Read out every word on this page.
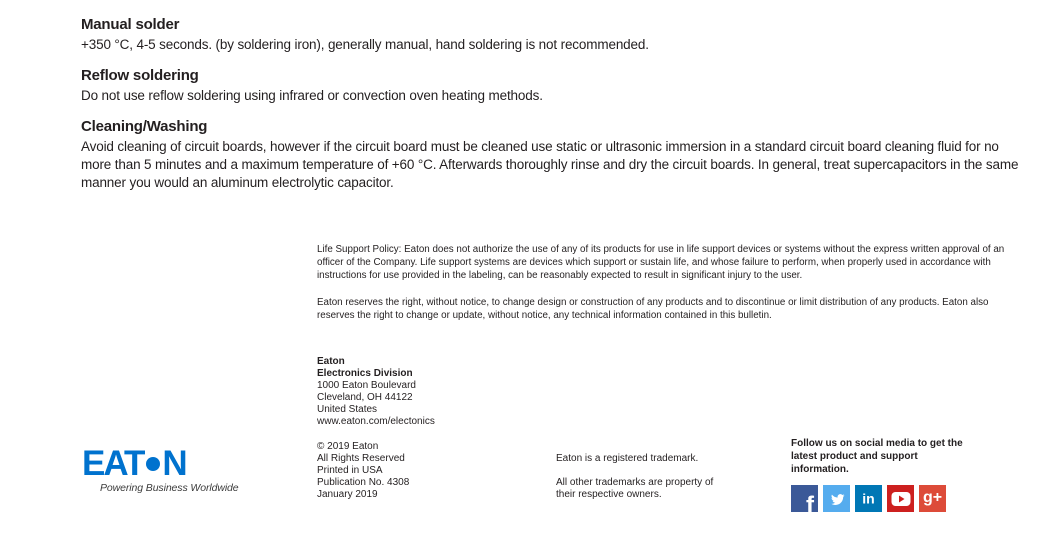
Manual solder

+350 °C, 4-5 seconds. (by soldering iron), generally manual, hand soldering is not recommended.

Reflow soldering

Do not use reflow soldering using infrared or convection oven heating methods.

Cleaning/Washing

Avoid cleaning of circuit boards, however if the circuit board must be cleaned use static or ultrasonic immersion in a standard circuit board cleaning fluid for no more than 5 minutes and a maximum temperature of +60 °C. Afterwards thoroughly rinse and dry the circuit boards. In general, treat supercapacitors in the same manner you would an aluminum electrolytic capacitor.

Life Support Policy: Eaton does not authorize the use of any of its products for use in life support devices or systems without the express written approval of an officer of the Company. Life support systems are devices which support or sustain life, and whose failure to perform, when properly used in accordance with instructions for use provided in the labeling, can be reasonably expected to result in significant injury to the user.

Eaton reserves the right, without notice, to change design or construction of any products and to discontinue or limit distribution of any products. Eaton also reserves the right to change or update, without notice, any technical information contained in this bulletin.

Eaton
Electronics Division
1000 Eaton Boulevard
Cleveland, OH 44122
United States
www.eaton.com/electonics
© 2019 Eaton
All Rights Reserved
Printed in USA
Publication No. 4308
January 2019

Eaton is a registered trademark.

All other trademarks are property of their respective owners.

Follow us on social media to get the latest product and support information.

f	in	g+
EAT N
Powering Business Worldwide
